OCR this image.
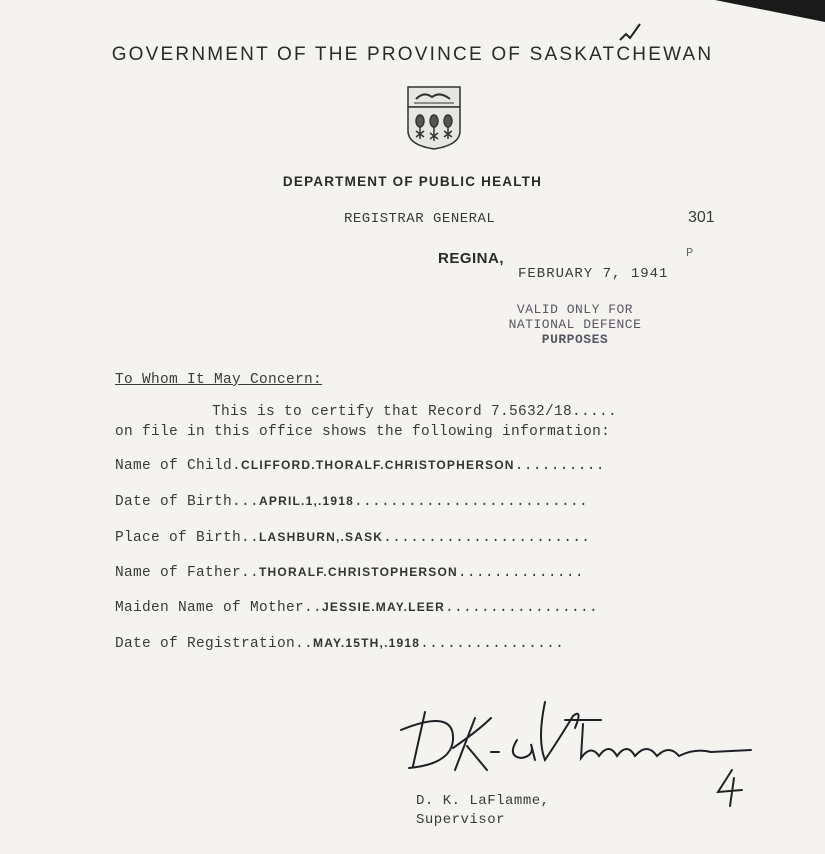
GOVERNMENT OF THE PROVINCE OF SASKATCHEWAN
DEPARTMENT OF PUBLIC HEALTH
REGISTRAR GENERAL	301
P
REGINA,
FEBRUARY 7, 1941
VALID ONLY FOR
NATIONAL DEFENCE
PURPOSES
To Whom It May Concern:
This is to certify that Record 7.5632/18.....
on file in this office shows the following information:
Name of Child.CLIFFORD.THORALF.CHRISTOPHERSON..........
Date of Birth...APRIL.1,.1918..........................
Place of Birth..LASHBURN,.SASK.......................
Name of Father..THORALF.CHRISTOPHERSON..............
Maiden Name of Mother..JESSIE.MAY.LEER.................
Date of Registration..MAY.15TH,.1918................
D. K. LaFlamme,
Supervisor
